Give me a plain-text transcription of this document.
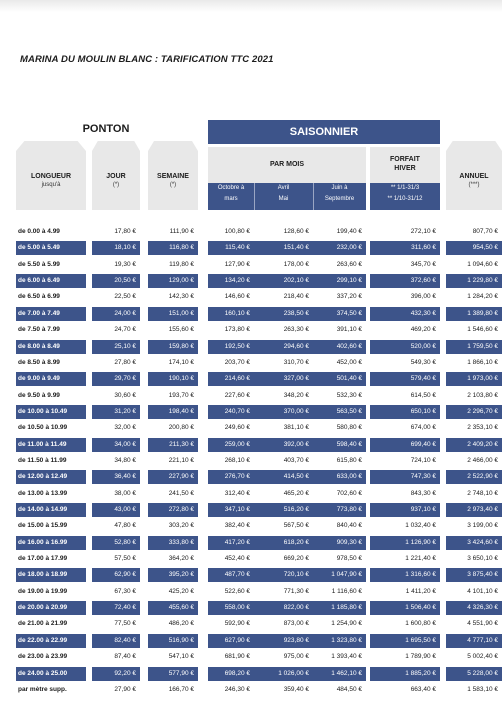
MARINA DU MOULIN BLANC : TARIFICATION TTC 2021
PONTON	SAISONNIER
LONGUEUR
jusqu'à
JOUR
(*)
SEMAINE
(*)
PAR MOIS
Octobre à
mars
Avril
Mai
Juin à
Septembre
FORFAIT
HIVER
** 1/1-31/3
** 1/10-31/12
ANNUEL
(***)
de 0.00 à 4.99	17,80 €	111,90 €	100,80 €	128,60 €	199,40 €	272,10 €	807,70 €
de 5.00 à 5.49	18,10 €	116,80 €	115,40 €	151,40 €	232,00 €	311,60 €	954,50 €
de 5.50 à 5.99	19,30 €	119,80 €	127,90 €	178,00 €	263,60 €	345,70 €	1 094,60 €
de 6.00 à 6.49	20,50 €	129,00 €	134,20 €	202,10 €	299,10 €	372,60 €	1 229,80 €
de 6.50 à 6.99	22,50 €	142,30 €	146,60 €	218,40 €	337,20 €	396,00 €	1 284,20 €
de 7.00 à 7.49	24,00 €	151,00 €	160,10 €	238,50 €	374,50 €	432,30 €	1 389,80 €
de 7.50 à 7.99	24,70 €	155,60 €	173,80 €	263,30 €	391,10 €	469,20 €	1 546,60 €
de 8.00 à 8.49	25,10 €	159,80 €	192,50 €	294,60 €	402,60 €	520,00 €	1 759,50 €
de 8.50 à 8.99	27,80 €	174,10 €	203,70 €	310,70 €	452,00 €	549,30 €	1 866,10 €
de 9.00 à 9.49	29,70 €	190,10 €	214,60 €	327,00 €	501,40 €	579,40 €	1 973,00 €
de 9.50 à 9.99	30,60 €	193,70 €	227,60 €	348,20 €	532,30 €	614,50 €	2 103,80 €
de 10.00 à 10.49	31,20 €	198,40 €	240,70 €	370,00 €	563,50 €	650,10 €	2 296,70 €
de 10.50 à 10.99	32,00 €	200,80 €	249,60 €	381,10 €	580,80 €	674,00 €	2 353,10 €
de 11.00 à 11.49	34,00 €	211,30 €	259,00 €	392,00 €	598,40 €	699,40 €	2 409,20 €
de 11.50 à 11.99	34,80 €	221,10 €	268,10 €	403,70 €	615,80 €	724,10 €	2 466,00 €
de 12.00 à 12.49	36,40 €	227,90 €	276,70 €	414,50 €	633,00 €	747,30 €	2 522,90 €
de 13.00 à 13.99	38,00 €	241,50 €	312,40 €	465,20 €	702,60 €	843,30 €	2 748,10 €
de 14.00 à 14.99	43,00 €	272,80 €	347,10 €	516,20 €	773,80 €	937,10 €	2 973,40 €
de 15.00 à 15.99	47,80 €	303,20 €	382,40 €	567,50 €	840,40 €	1 032,40 €	3 199,00 €
de 16.00 à 16.99	52,80 €	333,80 €	417,20 €	618,20 €	909,30 €	1 126,90 €	3 424,60 €
de 17.00 à 17.99	57,50 €	364,20 €	452,40 €	669,20 €	978,50 €	1 221,40 €	3 650,10 €
de 18.00 à 18.99	62,90 €	395,20 €	487,70 €	720,10 €	1 047,90 €	1 316,60 €	3 875,40 €
de 19.00 à 19.99	67,30 €	425,20 €	522,60 €	771,30 €	1 116,60 €	1 411,20 €	4 101,10 €
de 20.00 à 20.99	72,40 €	455,60 €	558,00 €	822,00 €	1 185,80 €	1 506,40 €	4 326,30 €
de 21.00 à 21.99	77,50 €	486,20 €	592,90 €	873,00 €	1 254,90 €	1 600,80 €	4 551,90 €
de 22.00 à 22.99	82,40 €	516,90 €	627,90 €	923,80 €	1 323,80 €	1 695,50 €	4 777,10 €
de 23.00 à 23.99	87,40 €	547,10 €	681,90 €	975,00 €	1 393,40 €	1 789,90 €	5 002,40 €
de 24.00 à 25.00	92,20 €	577,90 €	698,20 €	1 026,00 €	1 462,10 €	1 885,20 €	5 228,00 €
par mètre supp.	27,90 €	166,70 €	246,30 €	359,40 €	484,50 €	663,40 €	1 583,10 €
